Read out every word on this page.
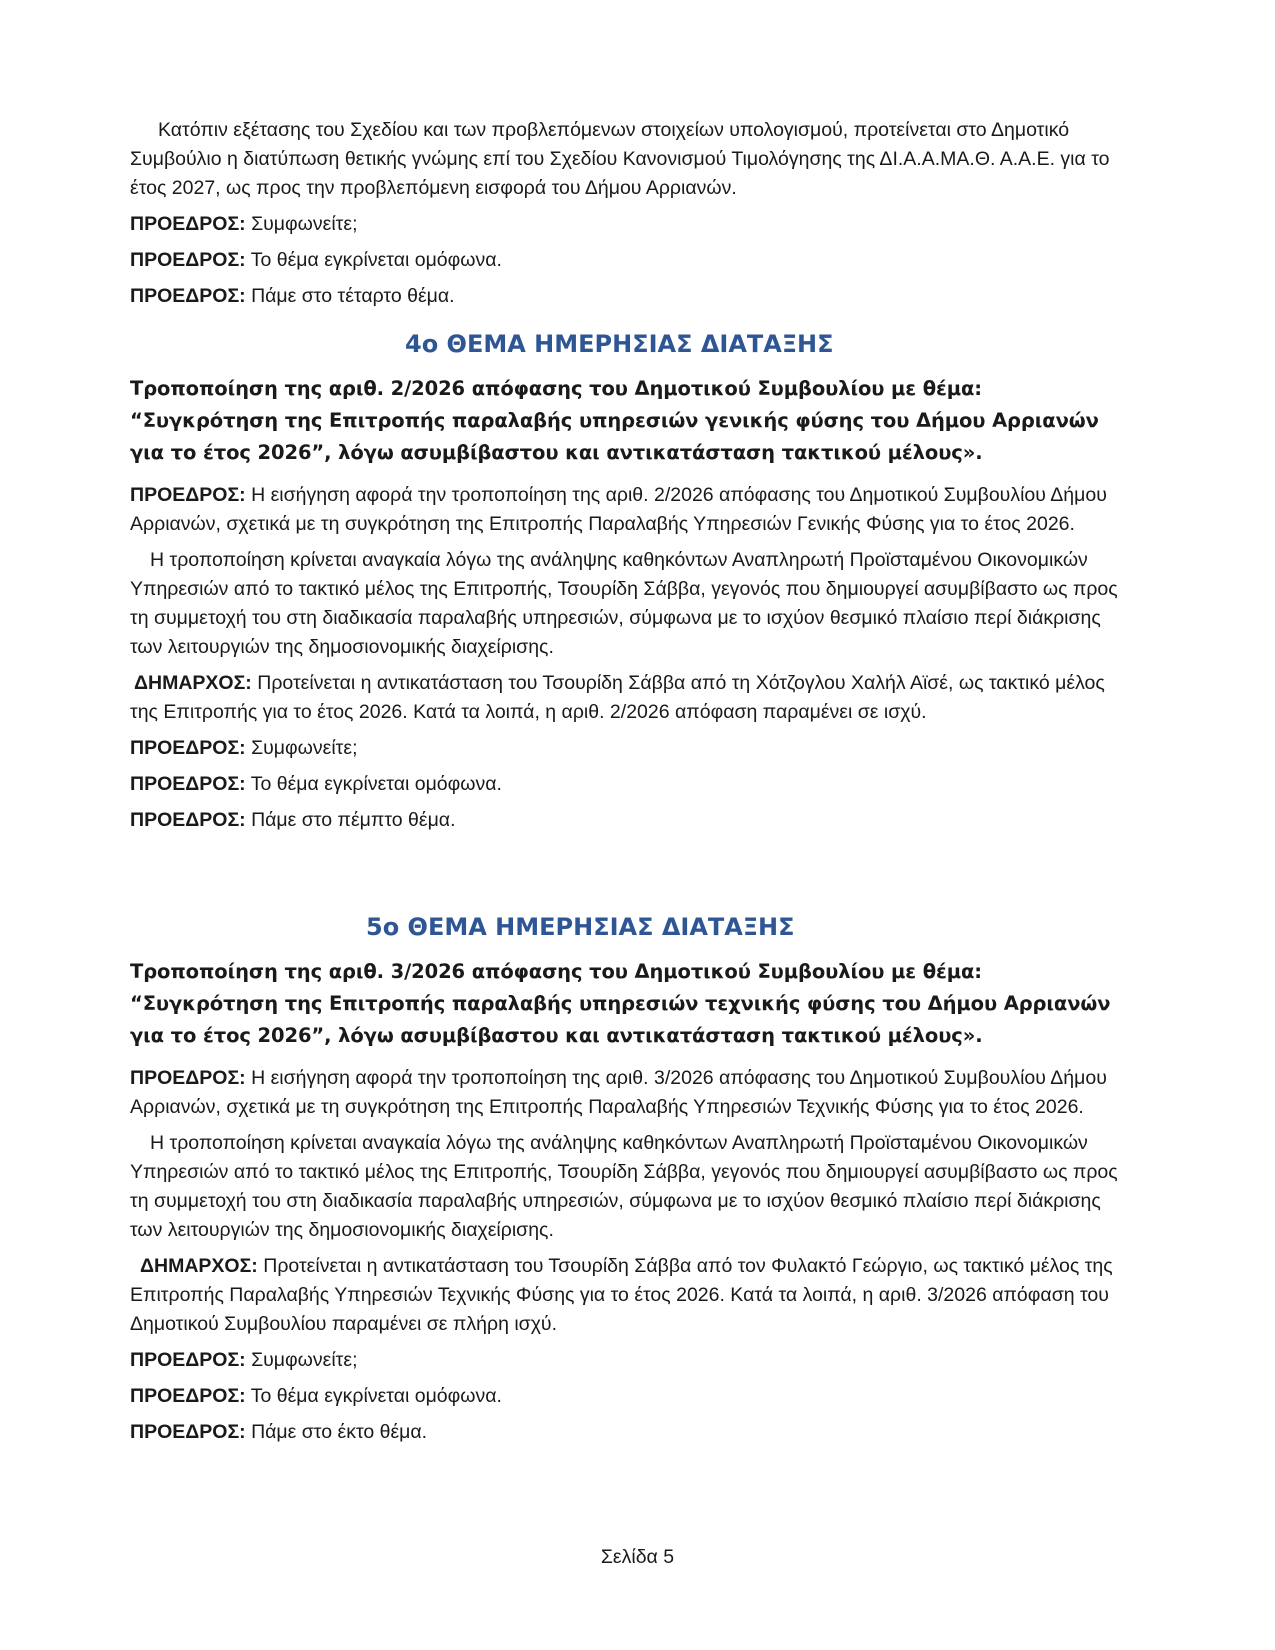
Κατόπιν εξέτασης του Σχεδίου και των προβλεπόμενων στοιχείων υπολογισμού, προτείνεται στο Δημοτικό Συμβούλιο η διατύπωση θετικής γνώμης επί του Σχεδίου Κανονισμού Τιμολόγησης της ΔΙ.Α.Α.ΜΑ.Θ. Α.Α.Ε. για το έτος 2027, ως προς την προβλεπόμενη εισφορά του Δήμου Αρριανών.

ΠΡΟΕΔΡΟΣ: Συμφωνείτε;

ΠΡΟΕΔΡΟΣ: Το θέμα εγκρίνεται ομόφωνα.

ΠΡΟΕΔΡΟΣ: Πάμε στο τέταρτο θέμα.

4ο ΘΕΜΑ ΗΜΕΡΗΣΙΑΣ ΔΙΑΤΑΞΗΣ

Τροποποίηση της αριθ. 2/2026 απόφασης του Δημοτικού Συμβουλίου με θέμα: “Συγκρότηση της Επιτροπής παραλαβής υπηρεσιών γενικής φύσης του Δήμου Αρριανών για το έτος 2026”, λόγω ασυμβίβαστου και αντικατάσταση τακτικού μέλους».

ΠΡΟΕΔΡΟΣ: Η εισήγηση αφορά την τροποποίηση της αριθ. 2/2026 απόφασης του Δημοτικού Συμβουλίου Δήμου Αρριανών, σχετικά με τη συγκρότηση της Επιτροπής Παραλαβής Υπηρεσιών Γενικής Φύσης για το έτος 2026.

Η τροποποίηση κρίνεται αναγκαία λόγω της ανάληψης καθηκόντων Αναπληρωτή Προϊσταμένου Οικονομικών Υπηρεσιών από το τακτικό μέλος της Επιτροπής, Τσουρίδη Σάββα, γεγονός που δημιουργεί ασυμβίβαστο ως προς τη συμμετοχή του στη διαδικασία παραλαβής υπηρεσιών, σύμφωνα με το ισχύον θεσμικό πλαίσιο περί διάκρισης των λειτουργιών της δημοσιονομικής διαχείρισης.

ΔΗΜΑΡΧΟΣ: Προτείνεται η αντικατάσταση του Τσουρίδη Σάββα από τη Χότζογλου Χαλήλ Αϊσέ, ως τακτικό μέλος της Επιτροπής για το έτος 2026. Κατά τα λοιπά, η αριθ. 2/2026 απόφαση παραμένει σε ισχύ.

ΠΡΟΕΔΡΟΣ: Συμφωνείτε;

ΠΡΟΕΔΡΟΣ: Το θέμα εγκρίνεται ομόφωνα.

ΠΡΟΕΔΡΟΣ: Πάμε στο πέμπτο θέμα.

5ο ΘΕΜΑ ΗΜΕΡΗΣΙΑΣ ΔΙΑΤΑΞΗΣ

Τροποποίηση της αριθ. 3/2026 απόφασης του Δημοτικού Συμβουλίου με θέμα: “Συγκρότηση της Επιτροπής παραλαβής υπηρεσιών τεχνικής φύσης του Δήμου Αρριανών για το έτος 2026”, λόγω ασυμβίβαστου και αντικατάσταση τακτικού μέλους».

ΠΡΟΕΔΡΟΣ: Η εισήγηση αφορά την τροποποίηση της αριθ. 3/2026 απόφασης του Δημοτικού Συμβουλίου Δήμου Αρριανών, σχετικά με τη συγκρότηση της Επιτροπής Παραλαβής Υπηρεσιών Τεχνικής Φύσης για το έτος 2026.

Η τροποποίηση κρίνεται αναγκαία λόγω της ανάληψης καθηκόντων Αναπληρωτή Προϊσταμένου Οικονομικών Υπηρεσιών από το τακτικό μέλος της Επιτροπής, Τσουρίδη Σάββα, γεγονός που δημιουργεί ασυμβίβαστο ως προς τη συμμετοχή του στη διαδικασία παραλαβής υπηρεσιών, σύμφωνα με το ισχύον θεσμικό πλαίσιο περί διάκρισης των λειτουργιών της δημοσιονομικής διαχείρισης.

ΔΗΜΑΡΧΟΣ: Προτείνεται η αντικατάσταση του Τσουρίδη Σάββα από τον Φυλακτό Γεώργιο, ως τακτικό μέλος της Επιτροπής Παραλαβής Υπηρεσιών Τεχνικής Φύσης για το έτος 2026. Κατά τα λοιπά, η αριθ. 3/2026 απόφαση του Δημοτικού Συμβουλίου παραμένει σε πλήρη ισχύ.

ΠΡΟΕΔΡΟΣ: Συμφωνείτε;

ΠΡΟΕΔΡΟΣ: Το θέμα εγκρίνεται ομόφωνα.

ΠΡΟΕΔΡΟΣ: Πάμε στο έκτο θέμα.

Σελίδα 5
